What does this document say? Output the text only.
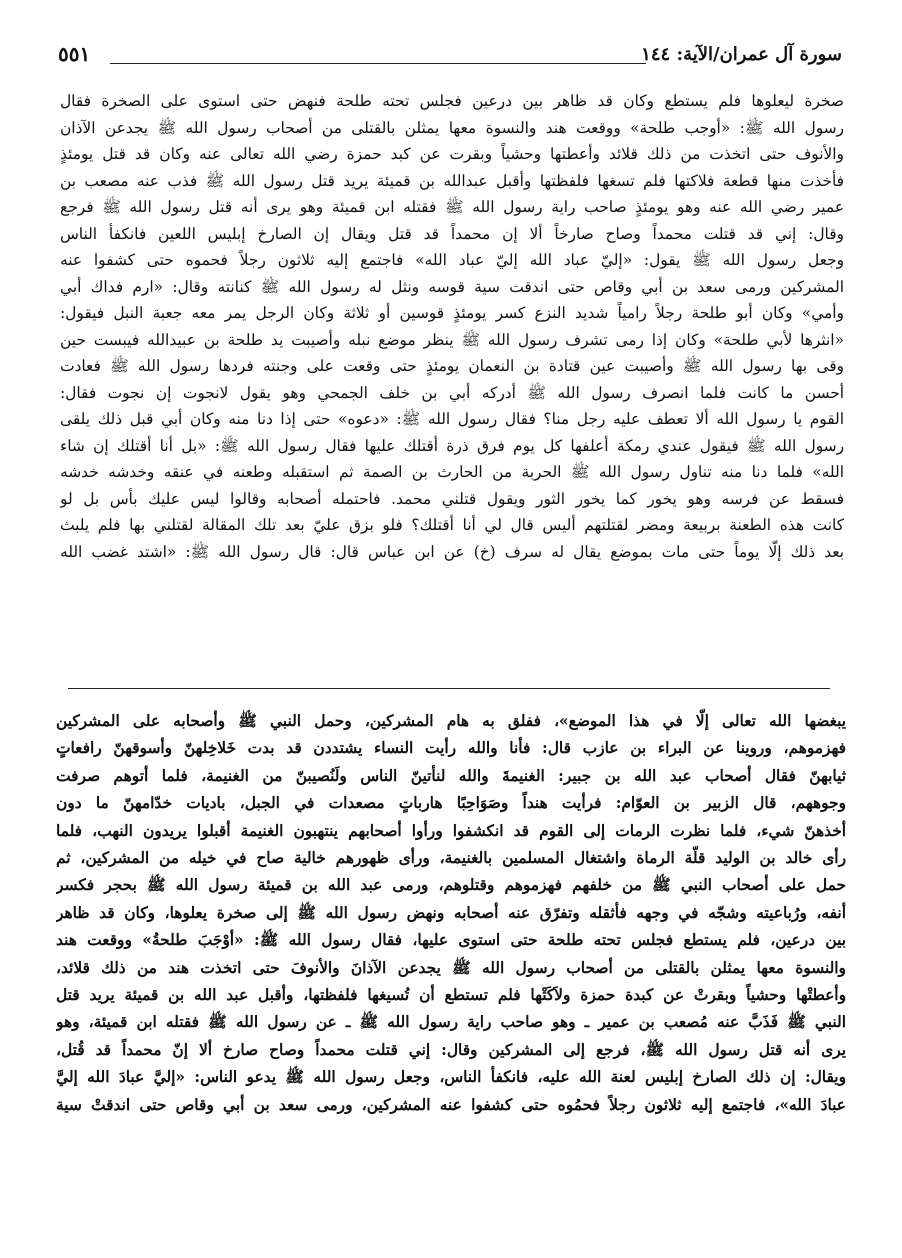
سورة آل عمران/الآية: ١٤٤
٥٥١
صخرة ليعلوها فلم يستطع وكان قد ظاهر بين درعين فجلس تحته طلحة فنهض حتى استوى على الصخرة فقال
رسول الله ﷺ: «أوجب طلحة» ووقعت هند والنسوة معها يمثلن بالقتلى من أصحاب رسول الله ﷺ يجدعن الآذان
والأنوف حتى اتخذت من ذلك قلائد وأعطتها وحشياً وبقرت عن كبد حمزة رضي الله تعالى عنه وكان قد قتل يومئذٍ
فأخذت منها قطعة فلاكتها فلم تسغها فلفظتها وأقبل عبدالله بن قميئة يريد قتل رسول الله ﷺ فذب عنه مصعب بن
عمير رضي الله عنه وهو يومئذٍ صاحب راية رسول الله ﷺ فقتله ابن قميئة وهو يرى أنه قتل رسول الله ﷺ فرجع
وقال: إني قد قتلت محمداً وصاح صارخاً ألا إن محمداً قد قتل ويقال إن الصارخ إبليس اللعين فانكفأ الناس
وجعل رسول الله ﷺ يقول: «إليّ عباد الله إليّ عباد الله» فاجتمع إليه ثلاثون رجلاً فحموه حتى كشفوا عنه
المشركين ورمى سعد بن أبي وقاص حتى اندقت سية قوسه ونثل له رسول الله ﷺ كنانته وقال: «ارم فداك أبي
وأمي» وكان أبو طلحة رجلاً رامياً شديد النزع كسر يومئذٍ قوسين أو ثلاثة وكان الرجل يمر معه جعبة النبل فيقول:
«انثرها لأبي طلحة» وكان إذا رمى تشرف رسول الله ﷺ ينظر موضع نبله وأصيبت يد طلحة بن عبيدالله فيبست حين
وقى بها رسول الله ﷺ وأصيبت عين قتادة بن النعمان يومئذٍ حتى وقعت على وجنته فردها رسول الله ﷺ فعادت
أحسن ما كانت فلما انصرف رسول الله ﷺ أدركه أبي بن خلف الجمحي وهو يقول لانجوت إن نجوت فقال:
القوم يا رسول الله ألا تعطف عليه رجل منا؟ فقال رسول الله ﷺ: «دعوه» حتى إذا دنا منه وكان أبي قبل ذلك يلقى
رسول الله ﷺ فيقول عندي رمكة أعلفها كل يوم فرق ذرة أقتلك عليها فقال رسول الله ﷺ: «بل أنا أقتلك إن شاء
الله» فلما دنا منه تناول رسول الله ﷺ الحربة من الحارث بن الصمة ثم استقبله وطعنه في عنقه وخدشه خدشه
فسقط عن فرسه وهو يخور كما يخور الثور ويقول قتلني محمد. فاحتمله أصحابه وقالوا ليس عليك بأس بل لو
كانت هذه الطعنة بربيعة ومضر لقتلتهم أليس قال لي أنا أقتلك؟ فلو بزق عليّ بعد تلك المقالة لقتلني بها فلم يلبث
بعد ذلك إلّا يوماً حتى مات بموضع يقال له سرف (خ) عن ابن عباس قال: قال رسول الله ﷺ: «اشتد غضب الله
يبغضها الله تعالى إلّا في هذا الموضع»، ففلق به هام المشركين، وحمل النبي ﷺ وأصحابه على المشركين
فهزموهم، وروينا عن البراء بن عازب قال: فأنا والله رأيت النساء يشتددن قد بدت خَلاخِلهنّ وأسوقهنّ رافعاتٍ
ثيابهنّ فقال أصحاب عبد الله بن جبير: الغنيمةَ والله لنأتينّ الناس ولَنُصيبنّ من الغنيمة، فلما أتوهم صرفت
وجوههم، قال الزبير بن العوّام: فرأيت هنداً وصَوَاحِبًا هارباتٍ مصعدات في الجبل، باديات خدّامهنّ ما دون
أخذهنّ شيء، فلما نظرت الرمات إلى القوم قد انكشفوا ورأوا أصحابهم ينتهبون الغنيمة أقبلوا يريدون النهب، فلما
رأى خالد بن الوليد قلّة الرماة واشتغال المسلمين بالغنيمة، ورأى ظهورهم خالية صاح في خيله من المشركين، ثم
حمل على أصحاب النبي ﷺ من خلفهم فهزموهم وقتلوهم، ورمى عبد الله بن قميئة رسول الله ﷺ بحجر فكسر
أنفه، ورُباعيته وشجّه في وجهه فأثقله وتفرّق عنه أصحابه ونهض رسول الله ﷺ إلى صخرة يعلوها، وكان قد ظاهر
بين درعين، فلم يستطع فجلس تحته طلحة حتى استوى عليها، فقال رسول الله ﷺ: «أوْجَبَ طلحةُ» ووقعت هند
والنسوة معها يمثلن بالقتلى من أصحاب رسول الله ﷺ يجدعن الآذانَ والأنوفَ حتى اتخذت هند من ذلك قلائد،
وأعطتْها وحشياً وبقرتْ عن كبدة حمزة ولاَكَتْها فلم تستطع أن تُسيغها فلفظتها، وأقبل عبد الله بن قميئة يريد قتل
النبي ﷺ فَذَبَّ عنه مُصعب بن عمير ـ وهو صاحب راية رسول الله ﷺ ـ عن رسول الله ﷺ فقتله ابن قميئة، وهو
يرى أنه قتل رسول الله ﷺ، فرجع إلى المشركين وقال: إني قتلت محمداً وصاح صارخ ألا إنّ محمداً قد قُتل،
ويقال: إن ذلك الصارخ إبليس لعنة الله عليه، فانكفأ الناس، وجعل رسول الله ﷺ يدعو الناس: «إليَّ عبادَ الله إليَّ
عبادَ الله»، فاجتمع إليه ثلاثون رجلاً فحمُوه حتى كشفوا عنه المشركين، ورمى سعد بن أبي وقاص حتى اندقتْ سية
